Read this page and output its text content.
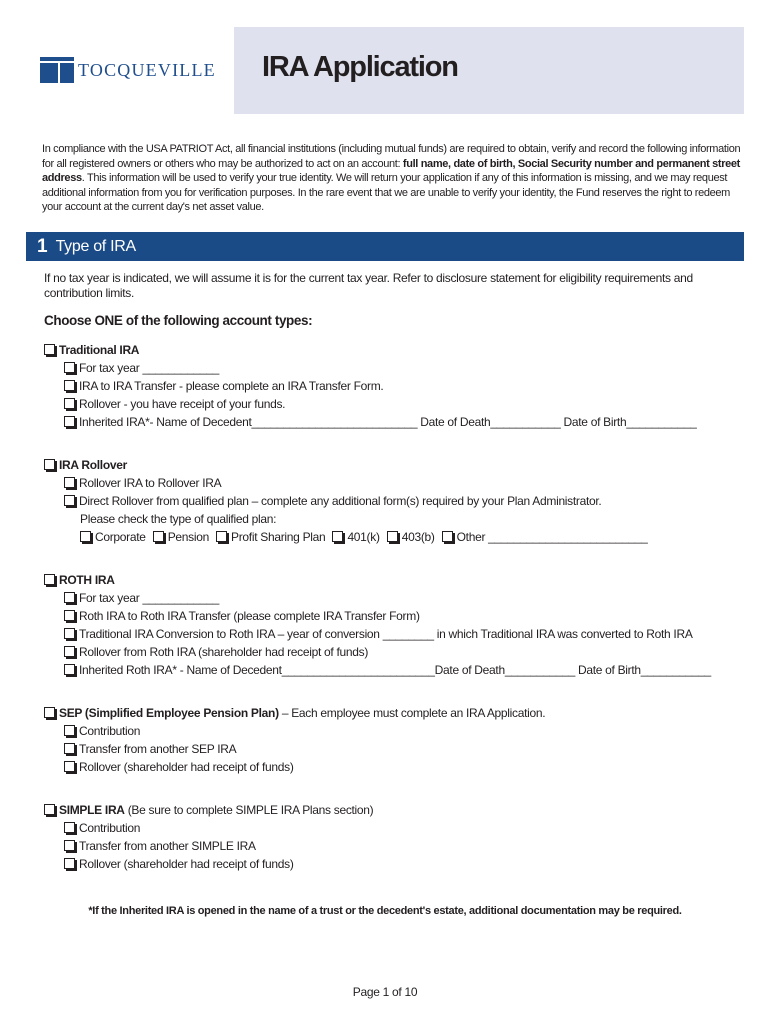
TOCQUEVILLE IRA Application

In compliance with the USA PATRIOT Act, all financial institutions (including mutual funds) are required to obtain, verify and record the following information for all registered owners or others who may be authorized to act on an account: full name, date of birth, Social Security number and permanent street address. This information will be used to verify your true identity. We will return your application if any of this information is missing, and we may request additional information from you for verification purposes. In the rare event that we are unable to verify your identity, the Fund reserves the right to redeem your account at the current day's net asset value.

1 Type of IRA

If no tax year is indicated, we will assume it is for the current tax year. Refer to disclosure statement for eligibility requirements and contribution limits.

Choose ONE of the following account types:
Traditional IRA
For tax year ____________
IRA to IRA Transfer - please complete an IRA Transfer Form.
Rollover - you have receipt of your funds.
Inherited IRA*- Name of Decedent__________________________ Date of Death___________ Date of Birth___________
IRA Rollover
Rollover IRA to Rollover IRA
Direct Rollover from qualified plan – complete any additional form(s) required by your Plan Administrator.
Please check the type of qualified plan:
Corporate Pension Profit Sharing Plan 401(k) 403(b) Other _________________________
ROTH IRA
For tax year ____________
Roth IRA to Roth IRA Transfer (please complete IRA Transfer Form)
Traditional IRA Conversion to Roth IRA – year of conversion ________ in which Traditional IRA was converted to Roth IRA
Rollover from Roth IRA (shareholder had receipt of funds)
Inherited Roth IRA* - Name of Decedent________________________Date of Death___________ Date of Birth___________
SEP (Simplified Employee Pension Plan) – Each employee must complete an IRA Application.
Contribution
Transfer from another SEP IRA
Rollover (shareholder had receipt of funds)
SIMPLE IRA (Be sure to complete SIMPLE IRA Plans section)
Contribution
Transfer from another SIMPLE IRA
Rollover (shareholder had receipt of funds)
*If the Inherited IRA is opened in the name of a trust or the decedent's estate, additional documentation may be required.
Page 1 of 10
